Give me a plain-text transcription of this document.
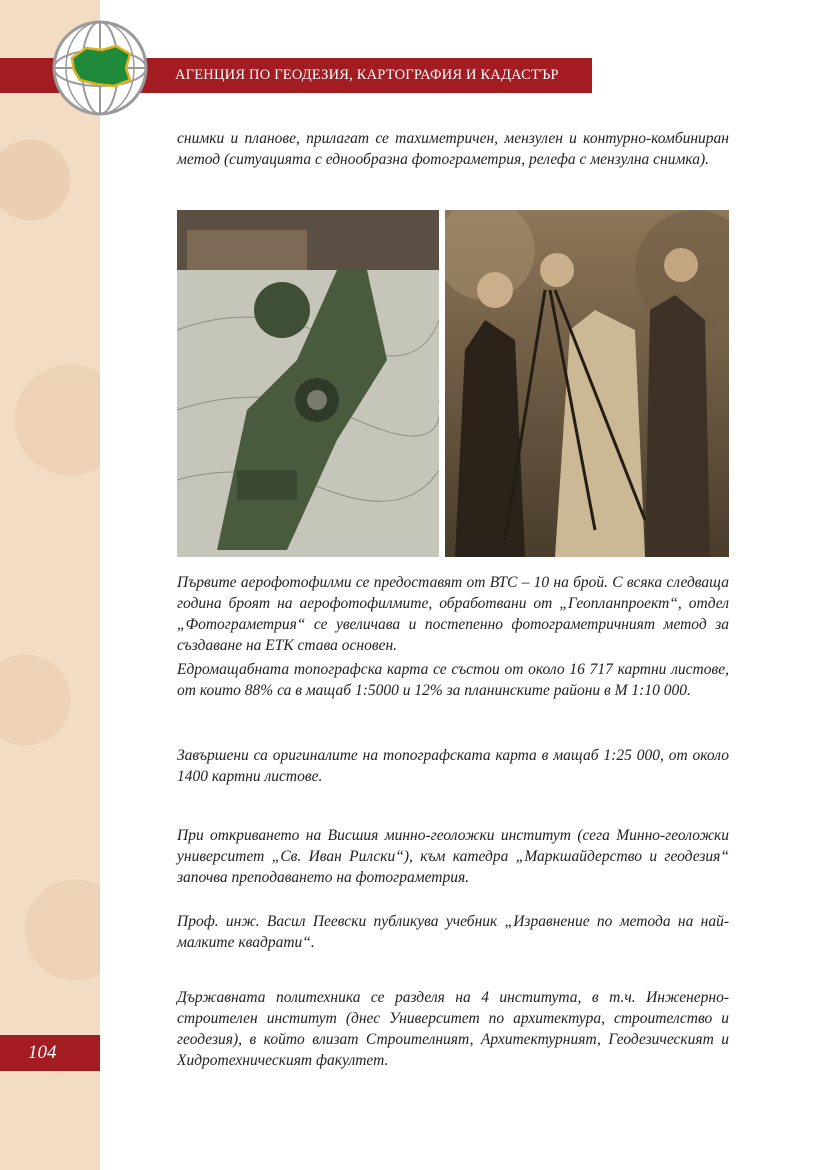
АГЕНЦИЯ ПО ГЕОДЕЗИЯ, КАРТОГРАФИЯ И КАДАСТЪР
снимки и планове, прилагат се тахиметричен, мензулен и контурно-комбиниран метод (ситуацията с еднообразна фотограметрия, релефа с мензулна снимка).
Първите аерофотофилми се предоставят от ВТС – 10 на брой. С всяка следваща година броят на аерофотофилмите, обработвани от „Геопланпроект“, отдел „Фотограметрия“ се увеличава и постепенно фотограметричният метод за създаване на ЕТК става основен.
Едромащабната топографска карта се състои от около 16 717 картни листове, от които 88% са в мащаб 1:5000 и 12% за планинските райони в М 1:10 000.
Завършени са оригиналите на топографската карта в мащаб 1:25 000, от около 1400 картни листове.
При откриването на Висшия минно-геоложки институт (сега Минно-геоложки университет „Св. Иван Рилски“), към катедра „Маркшайдерство и геодезия“ започва преподаването на фотограметрия.
Проф. инж. Васил Пеевски публикува учебник „Изравнение по метода на най-малките квадрати“.
Държавната политехника се разделя на 4 института, в т.ч. Инженерно-строителен институт (днес Университет по архитектура, строителство и геодезия), в който влизат Строителният, Архитектурният, Геодезическият и Хидротехническият факултет.
104
